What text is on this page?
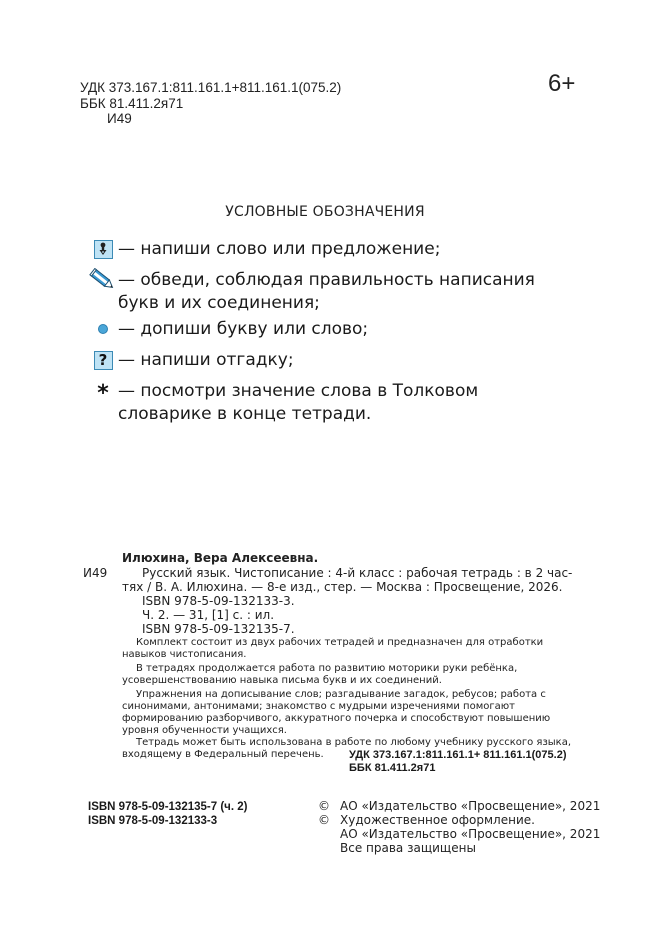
УДК 373.167.1:811.161.1+811.161.1(075.2)
ББК 81.411.2я71
И49
6+
УСЛОВНЫЕ ОБОЗНАЧЕНИЯ
— напиши слово или предложение;
— обведи, соблюдая правильность написания букв и их соединения;
— допиши букву или слово;
? — напиши отгадку;
* — посмотри значение слова в Толковом словарике в конце тетради.
Илюхина, Вера Алексеевна.
И49	Русский язык. Чистописание : 4-й класс : рабочая тетрадь : в 2 час-
тях / В. А. Илюхина. — 8-е изд., стер. — Москва : Просвещение, 2026.
ISBN 978-5-09-132133-3.
Ч. 2. — 31, [1] с. : ил.
ISBN 978-5-09-132135-7.
Комплект состоит из двух рабочих тетрадей и предназначен для отработки навыков чистописания.
В тетрадях продолжается работа по развитию моторики руки ребёнка, усовершенствованию навыка письма букв и их соединений.
Упражнения на дописывание слов; разгадывание загадок, ребусов; работа с синонимами, антонимами; знакомство с мудрыми изречениями помогают формированию разборчивого, аккуратного почерка и способствуют повышению уровня обученности учащихся.
Тетрадь может быть использована в работе по любому учебнику русского языка, входящему в Федеральный перечень.	УДК 373.167.1:811.161.1+ 811.161.1(075.2)
ББК 81.411.2я71
ISBN 978-5-09-132135-7 (ч. 2)
ISBN 978-5-09-132133-3
© АО «Издательство «Просвещение», 2021
© Художественное оформление.
АО «Издательство «Просвещение», 2021
Все права защищены
